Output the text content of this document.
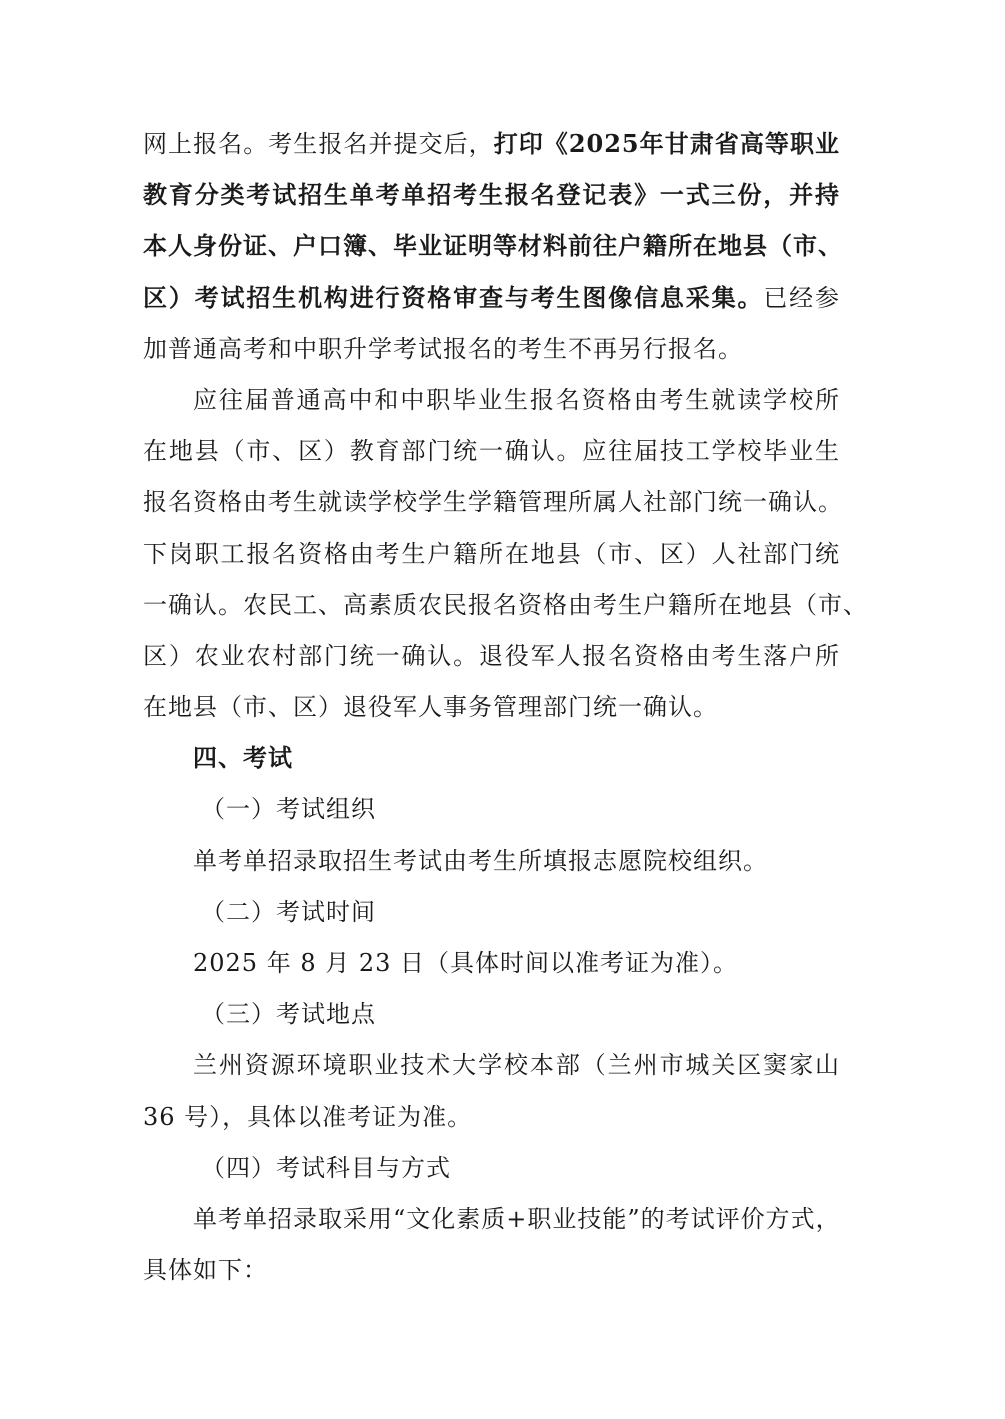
网上报名。考生报名并提交后，打印《2025年甘肃省高等职业
教育分类考试招生单考单招考生报名登记表》一式三份，并持
本人身份证、户口簿、毕业证明等材料前往户籍所在地县（市、
区）考试招生机构进行资格审查与考生图像信息采集。已经参
加普通高考和中职升学考试报名的考生不再另行报名。
应往届普通高中和中职毕业生报名资格由考生就读学校所
在地县（市、区）教育部门统一确认。应往届技工学校毕业生
报名资格由考生就读学校学生学籍管理所属人社部门统一确认。
下岗职工报名资格由考生户籍所在地县（市、区）人社部门统
一确认。农民工、高素质农民报名资格由考生户籍所在地县（市、
区）农业农村部门统一确认。退役军人报名资格由考生落户所
在地县（市、区）退役军人事务管理部门统一确认。
四、考试
（一）考试组织
单考单招录取招生考试由考生所填报志愿院校组织。
（二）考试时间
2025 年 8 月 23 日（具体时间以准考证为准）。
（三）考试地点
兰州资源环境职业技术大学校本部（兰州市城关区窦家山
36 号），具体以准考证为准。
（四）考试科目与方式
单考单招录取采用“文化素质+职业技能”的考试评价方式，
具体如下：
